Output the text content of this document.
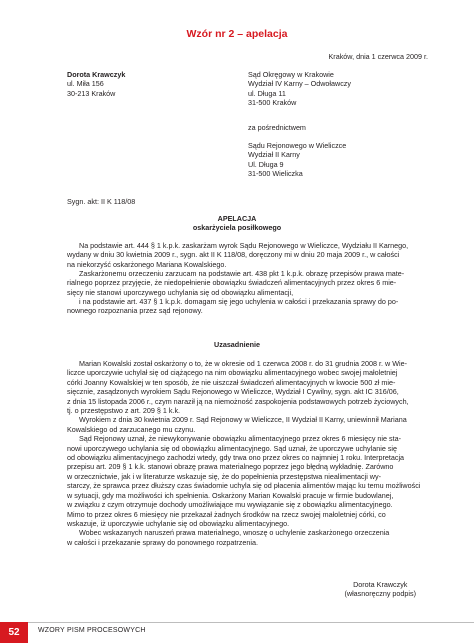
Wzór nr 2 – apelacja
Kraków, dnia 1 czerwca 2009 r.
Dorota Krawczyk
ul. Miła 156
30-213 Kraków
Sąd Okręgowy w Krakowie
Wydział IV Karny – Odwoławczy
ul. Długa 11
31-500 Kraków
za pośrednictwem
Sądu Rejonowego w Wieliczce
Wydział II Karny
Ul. Długa 9
31-500 Wieliczka
Sygn. akt: II K 118/08
APELACJA
oskarżyciela posiłkowego
Na podstawie art. 444 § 1 k.p.k. zaskarżam wyrok Sądu Rejonowego w Wieliczce, Wydziału II Karnego,
wydany w dniu 30 kwietnia 2009 r., sygn. akt II K 118/08, doręczony mi w dniu 20 maja 2009 r., w całości
na niekorzyść oskarżonego Mariana Kowalskiego.
Zaskarżonemu orzeczeniu zarzucam na podstawie art. 438 pkt 1 k.p.k. obrazę przepisów prawa mate-
rialnego poprzez przyjęcie, że niedopełnienie obowiązku świadczeń alimentacyjnych przez okres 6 mie-
sięcy nie stanowi uporczywego uchylania się od obowiązku alimentacji,
i na podstawie art. 437 § 1 k.p.k. domagam się jego uchylenia w całości i przekazania sprawy do po-
nownego rozpoznania przez sąd rejonowy.
Uzasadnienie
Marian Kowalski został oskarżony o to, że w okresie od 1 czerwca 2008 r. do 31 grudnia 2008 r. w Wie-
liczce uporczywie uchylał się od ciążącego na nim obowiązku alimentacyjnego wobec swojej małoletniej
córki Joanny Kowalskiej w ten sposób, że nie uiszczał świadczeń alimentacyjnych w kwocie 500 zł mie-
sięcznie, zasądzonych wyrokiem Sądu Rejonowego w Wieliczce, Wydział I Cywilny, sygn. akt IC 316/06,
z dnia 15 listopada 2006 r., czym naraził ją na niemożność zaspokojenia podstawowych potrzeb życiowych,
tj. o przestępstwo z art. 209 § 1 k.k.
Wyrokiem z dnia 30 kwietnia 2009 r. Sąd Rejonowy w Wieliczce, II Wydział II Karny, uniewinnił Mariana
Kowalskiego od zarzucanego mu czynu.
Sąd Rejonowy uznał, że niewykonywanie obowiązku alimentacyjnego przez okres 6 miesięcy nie sta-
nowi uporczywego uchylania się od obowiązku alimentacyjnego. Sąd uznał, że uporczywe uchylanie się
od obowiązku alimentacyjnego zachodzi wtedy, gdy trwa ono przez okres co najmniej 1 roku. Interpretacja
przepisu art. 209 § 1 k.k. stanowi obrazę prawa materialnego poprzez jego błędną wykładnię. Zarówno
w orzecznictwie, jak i w literaturze wskazuje się, że do popełnienia przestępstwa niealimentacji wy-
starczy, że sprawca przez dłuższy czas świadomie uchyla się od płacenia alimentów mając ku temu możliwości
w sytuacji, gdy ma możliwości ich spełnienia. Oskarżony Marian Kowalski pracuje w firmie budowlanej,
w związku z czym otrzymuje dochody umożliwiające mu wywiązanie się z obowiązku alimentacyjnego.
Mimo to przez okres 6 miesięcy nie przekazał żadnych środków na rzecz swojej małoletniej córki, co
wskazuje, iż uporczywie uchylanie się od obowiązku alimentacyjnego.
Wobec wskazanych naruszeń prawa materialnego, wnoszę o uchylenie zaskarżonego orzeczenia
w całości i przekazanie sprawy do ponownego rozpatrzenia.
Dorota Krawczyk
(własnoręczny podpis)
52	WZORY PISM PROCESOWYCH
